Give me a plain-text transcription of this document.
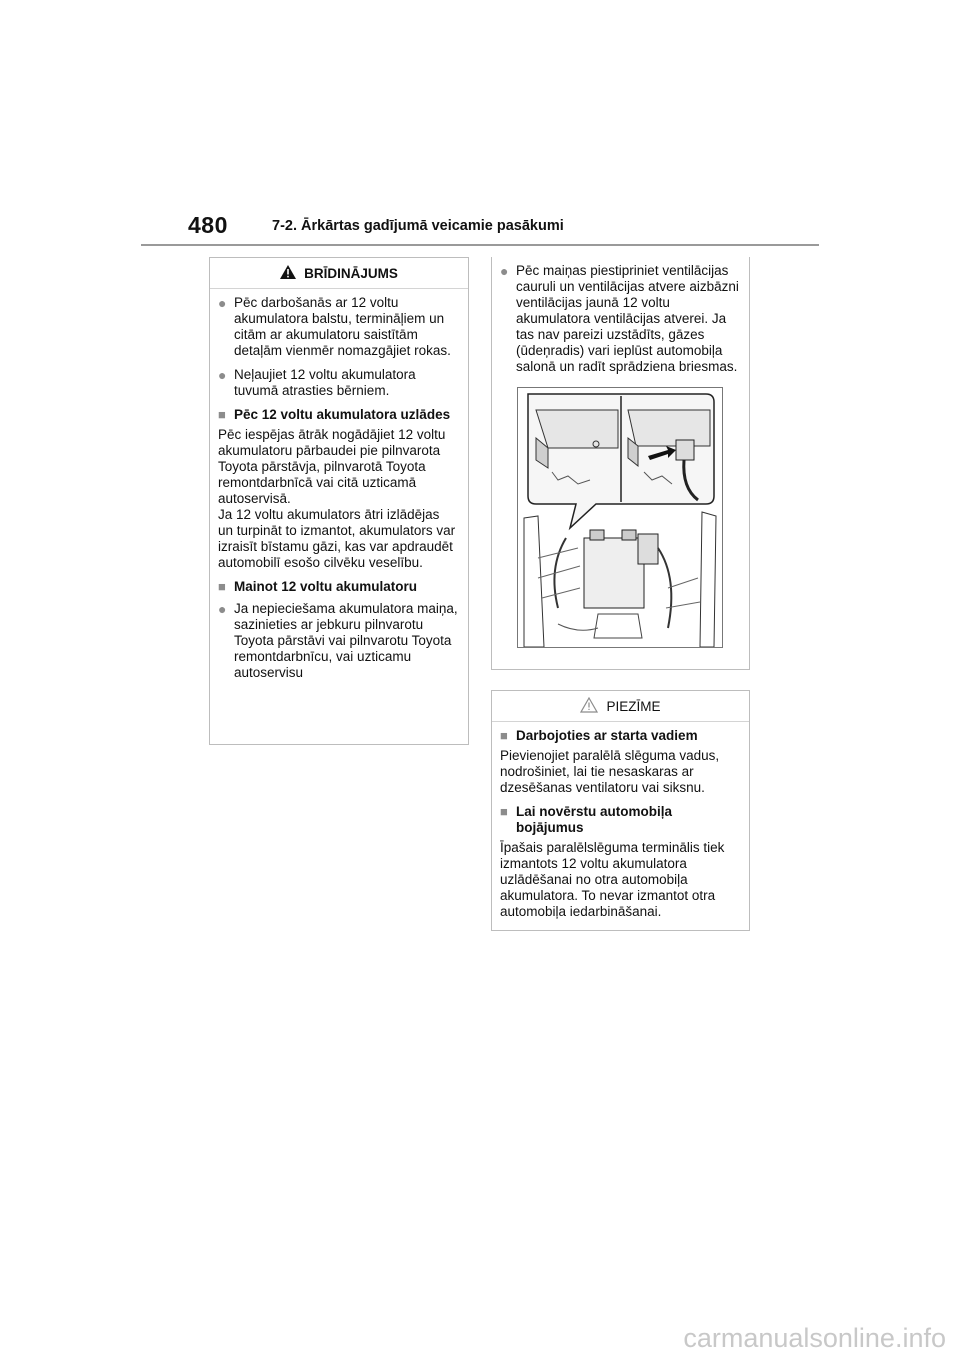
480	7-2. Ārkārtas gadījumā veicamie pasākumi
BRĪDINĀJUMS
● Pēc darbošanās ar 12 voltu akumulatora balstu, termināļiem un citām ar akumulatoru saistītām detaļām vienmēr nomazgājiet rokas.
● Neļaujiet 12 voltu akumulatora tuvumā atrasties bērniem.
■ Pēc 12 voltu akumulatora uzlādes
Pēc iespējas ātrāk nogādājiet 12 voltu akumulatoru pārbaudei pie pilnvarota Toyota pārstāvja, pilnvarotā Toyota remontdarbnīcā vai citā uzticamā autoservisā.
Ja 12 voltu akumulators ātri izlādējas un turpināt to izmantot, akumulators var izraisīt bīstamu gāzi, kas var apdraudēt automobilī esošo cilvēku veselību.
■ Mainot 12 voltu akumulatoru
● Ja nepieciešama akumulatora maiņa, sazinieties ar jebkuru pilnvarotu Toyota pārstāvi vai pilnvarotu Toyota remontdarbnīcu, vai uzticamu autoservisu
● Pēc maiņas piestipriniet ventilācijas cauruli un ventilācijas atvere aizbāzni ventilācijas jaunā 12 voltu akumulatora ventilācijas atverei. Ja tas nav pareizi uzstādīts, gāzes (ūdeņradis) vari ieplūst automobiļa salonā un radīt sprādziena briesmas.
PIEZĪME
■ Darbojoties ar starta vadiem
Pievienojiet paralēlā slēguma vadus, nodrošiniet, lai tie nesaskaras ar dzesēšanas ventilatoru vai siksnu.
■ Lai novērstu automobiļa bojājumus
Īpašais paralēlslēguma terminālis tiek izmantots 12 voltu akumulatora uzlādēšanai no otra automobiļa akumulatora. To nevar izmantot otra automobiļa iedarbināšanai.
carmanualsonline.info
